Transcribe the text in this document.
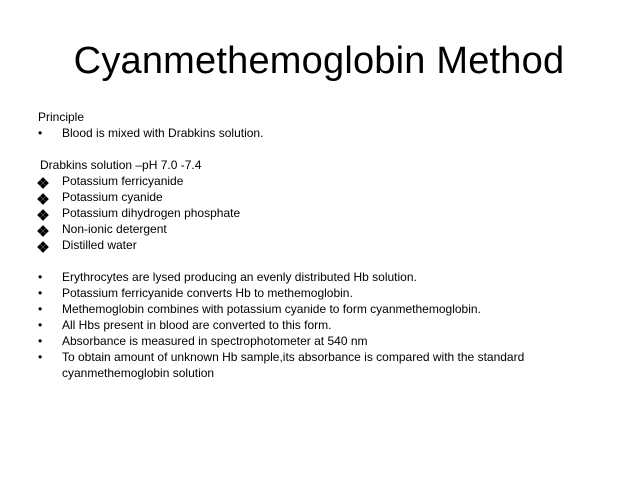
Cyanmethemoglobin Method
Principle
•	Blood is mixed with Drabkins solution.
Drabkins solution –pH 7.0 -7.4
Potassium ferricyanide
Potassium cyanide
Potassium dihydrogen phosphate
Non-ionic detergent
Distilled water
•	Erythrocytes are lysed producing an evenly distributed Hb solution.
•	Potassium ferricyanide converts Hb to methemoglobin.
•	Methemoglobin combines with potassium cyanide to form cyanmethemoglobin.
•	All Hbs present in blood are converted to this form.
•	Absorbance is measured in spectrophotometer at 540 nm
•	To obtain amount of unknown Hb sample,its absorbance is compared with the standard cyanmethemoglobin solution
